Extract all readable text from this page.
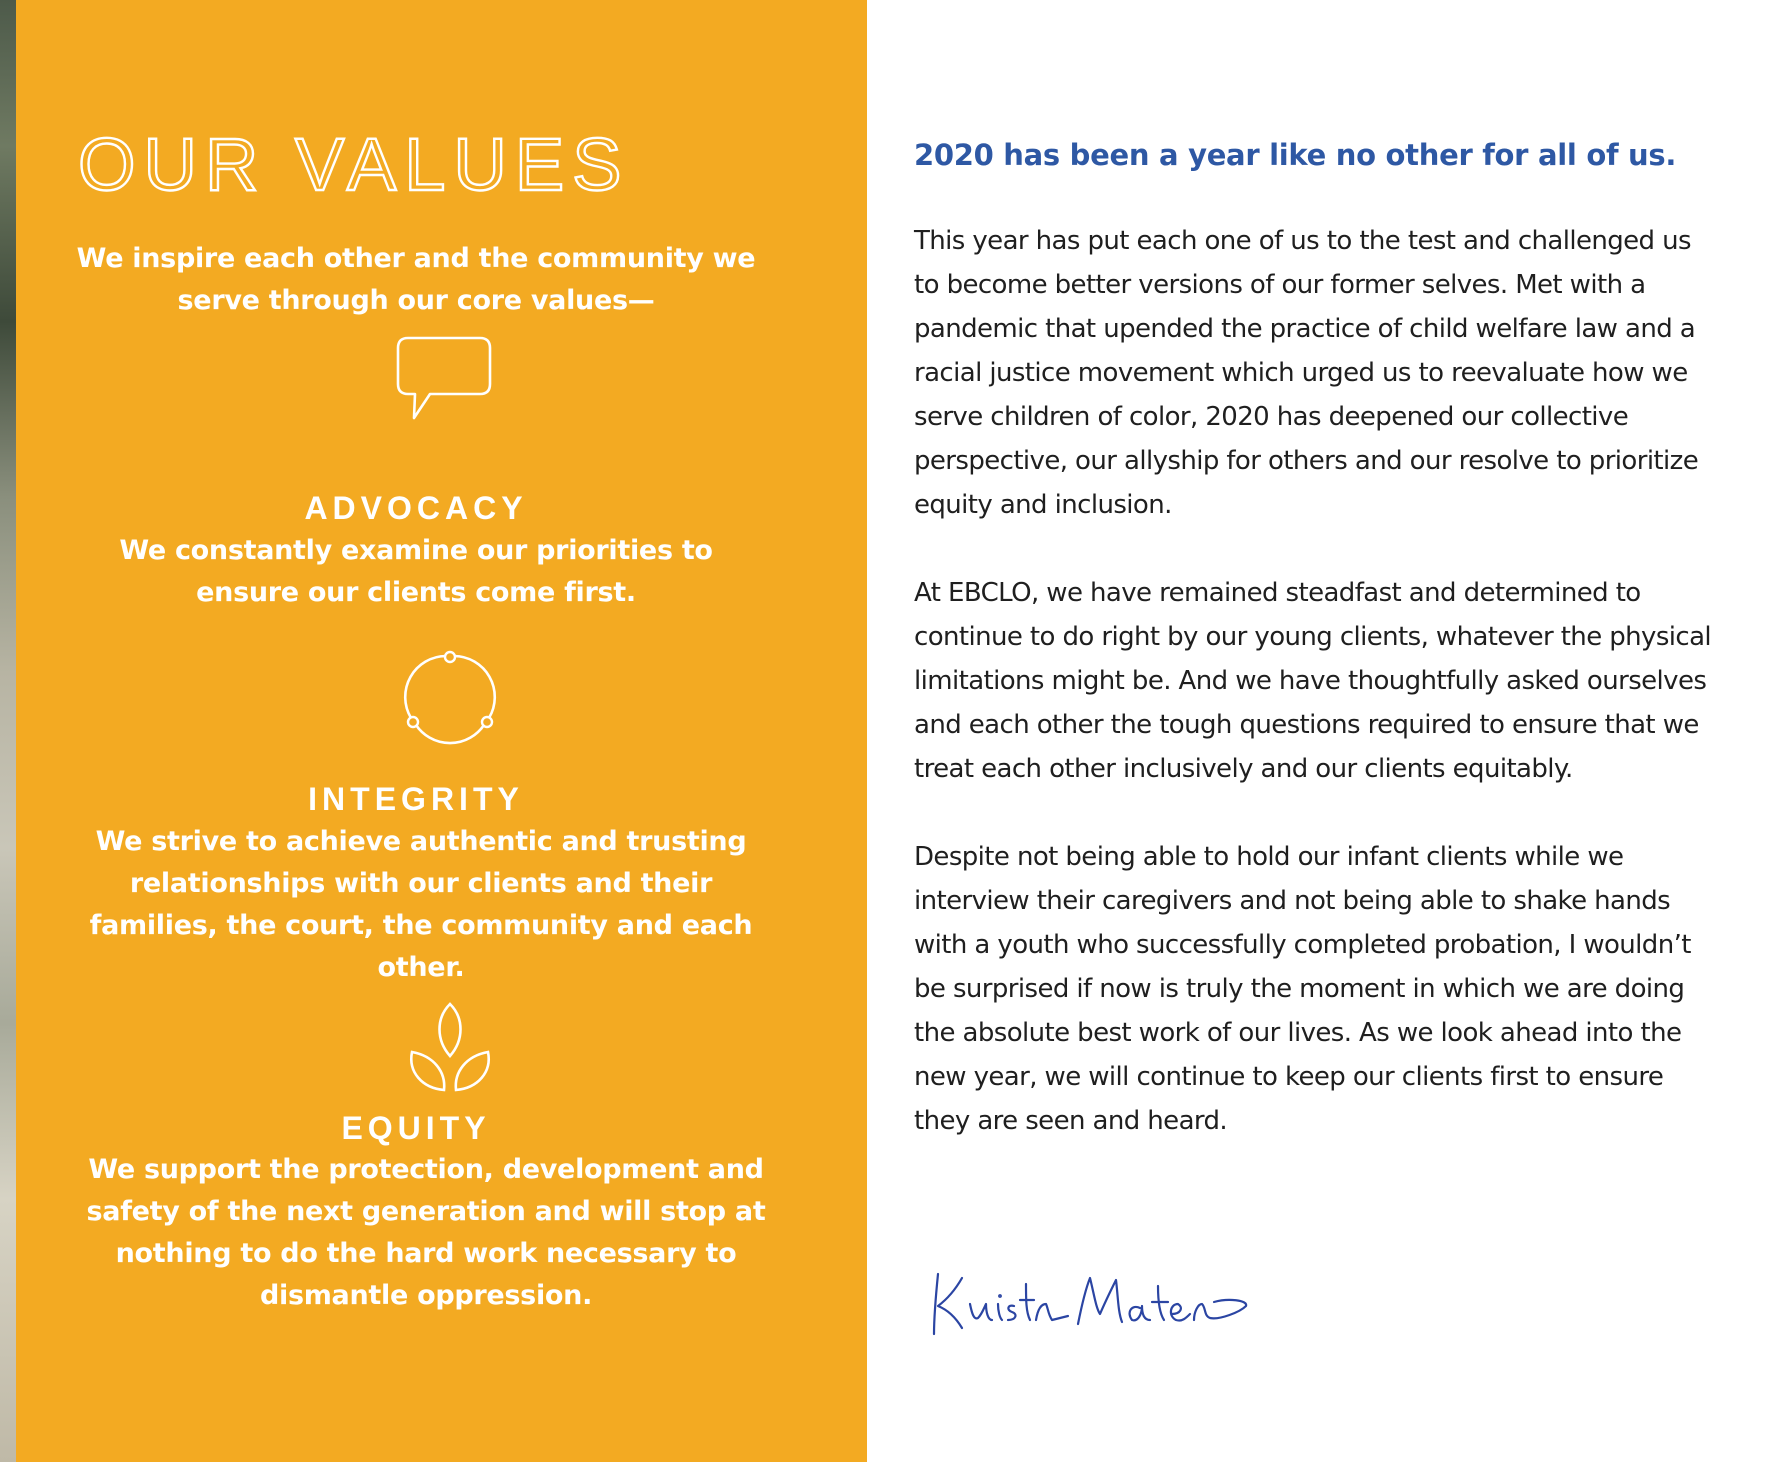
OUR VALUES

We inspire each other and the community we serve through our core values—

ADVOCACY

We constantly examine our priorities to ensure our clients come first.

INTEGRITY

We strive to achieve authentic and trusting relationships with our clients and their families, the court, the community and each other.

EQUITY

We support the protection, development and safety of the next generation and will stop at nothing to do the hard work necessary to dismantle oppression.

2020 has been a year like no other for all of us.

This year has put each one of us to the test and challenged us to become better versions of our former selves. Met with a pandemic that upended the practice of child welfare law and a racial justice movement which urged us to reevaluate how we serve children of color, 2020 has deepened our collective perspective, our allyship for others and our resolve to prioritize equity and inclusion.

At EBCLO, we have remained steadfast and determined to continue to do right by our young clients, whatever the physical limitations might be. And we have thoughtfully asked ourselves and each other the tough questions required to ensure that we treat each other inclusively and our clients equitably.

Despite not being able to hold our infant clients while we interview their caregivers and not being able to shake hands with a youth who successfully completed probation, I wouldn’t be surprised if now is truly the moment in which we are doing the absolute best work of our lives. As we look ahead into the new year, we will continue to keep our clients first to ensure they are seen and heard.
